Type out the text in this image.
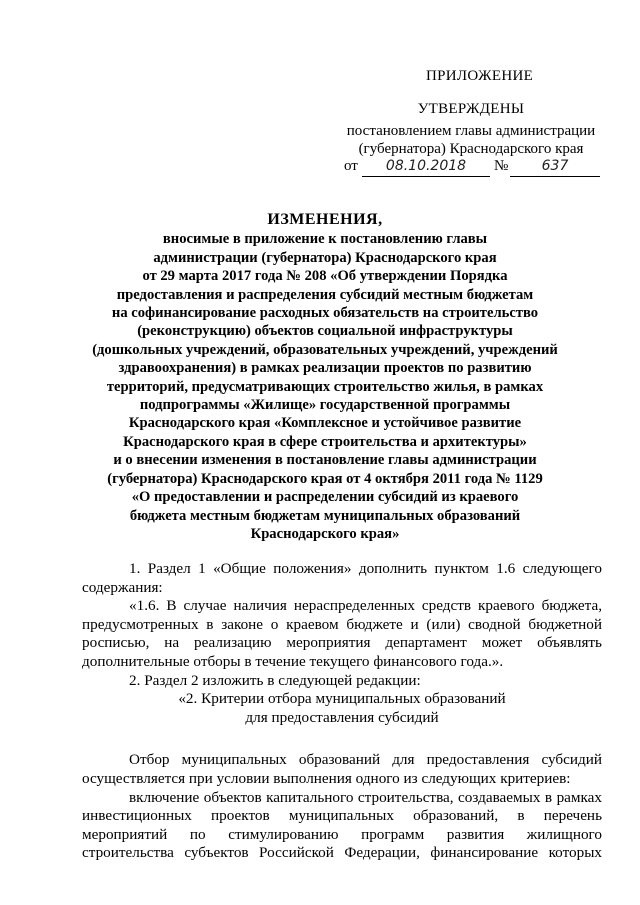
ПРИЛОЖЕНИЕ
УТВЕРЖДЕНЫ
постановлением главы администрации
(губернатора) Краснодарского края
от	08.10.2018	№	637
ИЗМЕНЕНИЯ,
вносимые в приложение к постановлению главы
администрации (губернатора) Краснодарского края
от 29 марта 2017 года № 208 «Об утверждении Порядка
предоставления и распределения субсидий местным бюджетам
на софинансирование расходных обязательств на строительство
(реконструкцию) объектов социальной инфраструктуры
(дошкольных учреждений, образовательных учреждений, учреждений
здравоохранения) в рамках реализации проектов по развитию
территорий, предусматривающих строительство жилья, в рамках
подпрограммы «Жилище» государственной программы
Краснодарского края «Комплексное и устойчивое развитие
Краснодарского края в сфере строительства и архитектуры»
и о внесении изменения в постановление главы администрации
(губернатора) Краснодарского края от 4 октября 2011 года № 1129
«О предоставлении и распределении субсидий из краевого
бюджета местным бюджетам муниципальных образований
Краснодарского края»
1. Раздел 1 «Общие положения» дополнить пунктом 1.6 следующего
содержания:
«1.6. В случае наличия нераспределенных средств краевого бюджета,
предусмотренных в законе о краевом бюджете и (или) сводной бюджетной
росписью, на реализацию мероприятия департамент может объявлять
дополнительные отборы в течение текущего финансового года.».
2. Раздел 2 изложить в следующей редакции:
«2. Критерии отбора муниципальных образований
для предоставления субсидий
Отбор муниципальных образований для предоставления субсидий
осуществляется при условии выполнения одного из следующих критериев:
включение объектов капитального строительства, создаваемых в рамках
инвестиционных проектов муниципальных образований, в перечень
мероприятий по стимулированию программ развития жилищного
строительства субъектов Российской Федерации, финансирование которых
